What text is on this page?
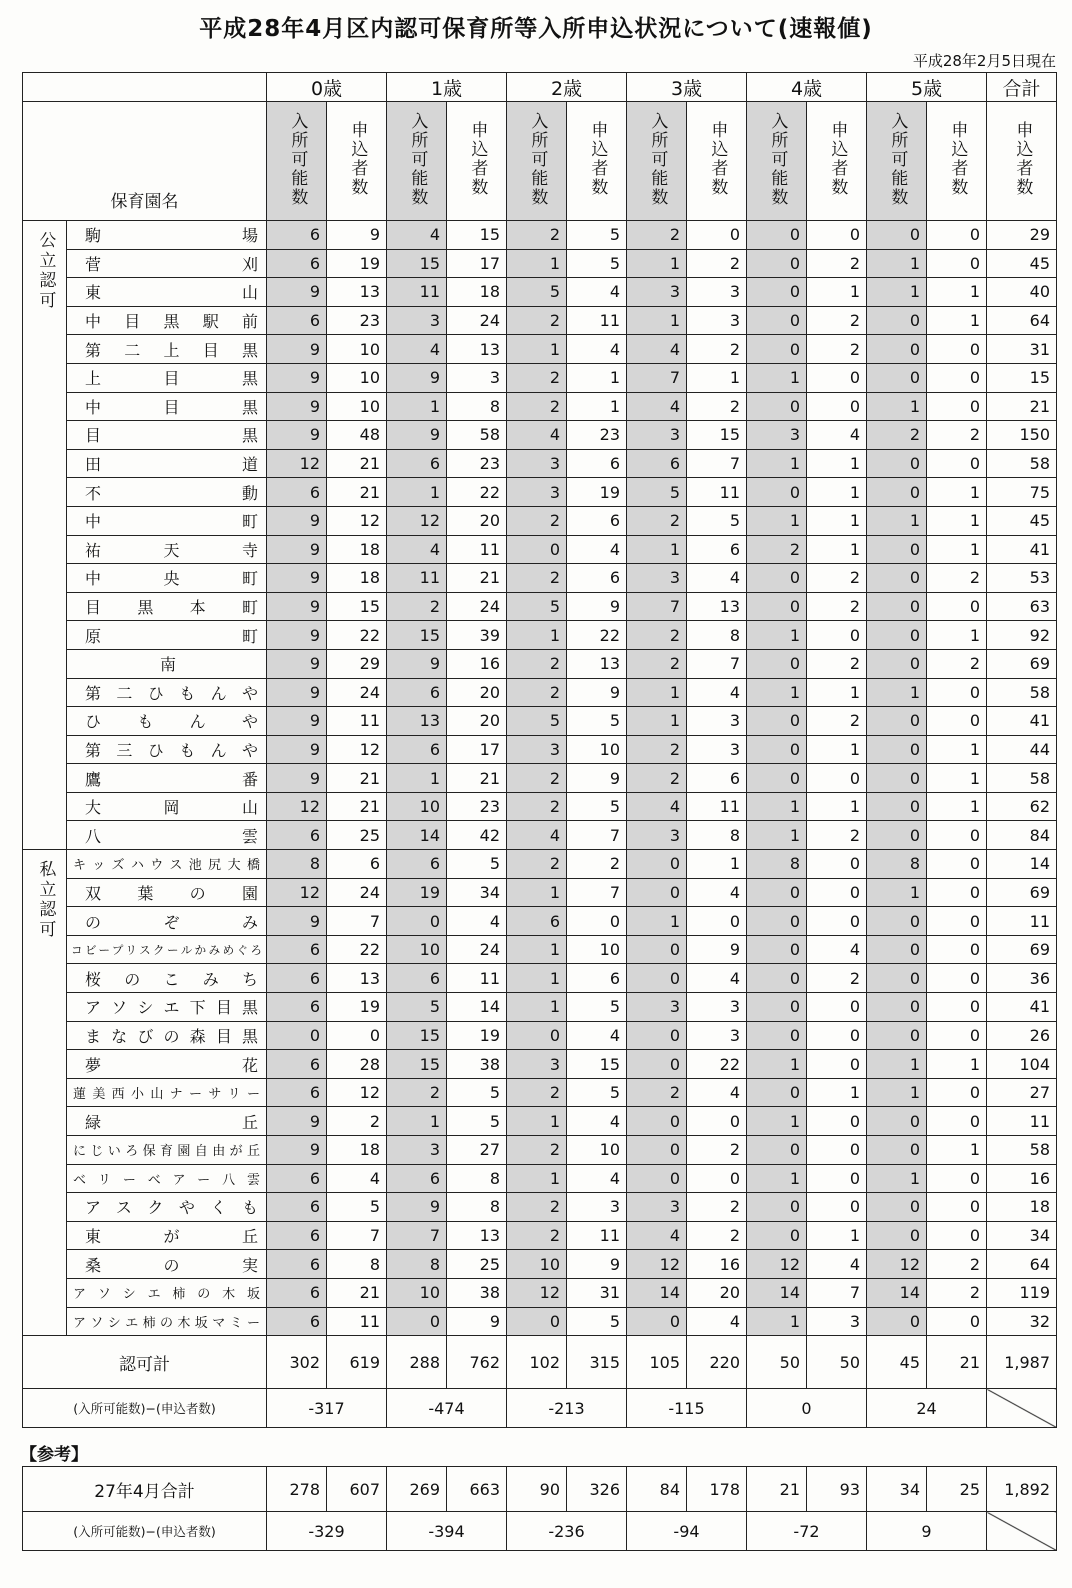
平成28年4月区内認可保育所等入所申込状況について(速報値)
平成28年2月5日現在
		0歳		1歳		2歳		3歳		4歳		5歳		合計
保育園名		入所可能数	申込者数	入所可能数	申込者数	入所可能数	申込者数	入所可能数	申込者数	入所可能数	申込者数	入所可能数	申込者数	申込者数
公立認可	駒場	6	9	4	15	2	5	2	0	0	0	0	0	29
	菅刈	6	19	15	17	1	5	1	2	0	2	1	0	45
	東山	9	13	11	18	5	4	3	3	0	1	1	1	40
	中目黒駅前	6	23	3	24	2	11	1	3	0	2	0	1	64
	第二上目黒	9	10	4	13	1	4	4	2	0	2	0	0	31
	上目黒	9	10	9	3	2	1	7	1	1	0	0	0	15
	中目黒	9	10	1	8	2	1	4	2	0	0	1	0	21
	目黒	9	48	9	58	4	23	3	15	3	4	2	2	150
	田道	12	21	6	23	3	6	6	7	1	1	0	0	58
	不動	6	21	1	22	3	19	5	11	0	1	0	1	75
	中町	9	12	12	20	2	6	2	5	1	1	1	1	45
	祐天寺	9	18	4	11	0	4	1	6	2	1	0	1	41
	中央町	9	18	11	21	2	6	3	4	0	2	0	2	53
	目黒本町	9	15	2	24	5	9	7	13	0	2	0	0	63
	原町	9	22	15	39	1	22	2	8	1	0	0	1	92
	南	9	29	9	16	2	13	2	7	0	2	0	2	69
	第二ひもんや	9	24	6	20	2	9	1	4	1	1	1	0	58
	ひもんや	9	11	13	20	5	5	1	3	0	2	0	0	41
	第三ひもんや	9	12	6	17	3	10	2	3	0	1	0	1	44
	鷹番	9	21	1	21	2	9	2	6	0	0	0	1	58
	大岡山	12	21	10	23	2	5	4	11	1	1	0	1	62
	八雲	6	25	14	42	4	7	3	8	1	2	0	0	84
私立認可	キッズハウス池尻大橋	8	6	6	5	2	2	0	1	8	0	8	0	14
	双葉の園	12	24	19	34	1	7	0	4	0	0	1	0	69
	のぞみ	9	7	0	4	6	0	1	0	0	0	0	0	11
	コビープリスクールかみめぐろ	6	22	10	24	1	10	0	9	0	4	0	0	69
	桜のこみち	6	13	6	11	1	6	0	4	0	2	0	0	36
	アソシエ下目黒	6	19	5	14	1	5	3	3	0	0	0	0	41
	まなびの森目黒	0	0	15	19	0	4	0	3	0	0	0	0	26
	夢花	6	28	15	38	3	15	0	22	1	0	1	1	104
	蓮美西小山ナーサリー	6	12	2	5	2	5	2	4	0	1	1	0	27
	緑丘	9	2	1	5	1	4	0	0	1	0	0	0	11
	にじいろ保育園自由が丘	9	18	3	27	2	10	0	2	0	0	0	1	58
	ベリーベアー八雲	6	4	6	8	1	4	0	0	1	0	1	0	16
	アスクやくも	6	5	9	8	2	3	3	2	0	0	0	0	18
	東が丘	6	7	7	13	2	11	4	2	0	1	0	0	34
	桑の実	6	8	8	25	10	9	12	16	12	4	12	2	64
	アソシエ柿の木坂	6	21	10	38	12	31	14	20	14	7	14	2	119
	アソシエ柿の木坂マミー	6	11	0	9	0	5	0	4	1	3	0	0	32
認可計		302	619	288	762	102	315	105	220	50	50	45	21	1,987
(入所可能数)−(申込者数)		-317		-474		-213		-115		0		24		
【参考】
27年4月合計	278	607	269	663	90	326	84	178	21	93	34	25	1,892
(入所可能数)−(申込者数)	-329		-394		-236		-94		-72		9		
